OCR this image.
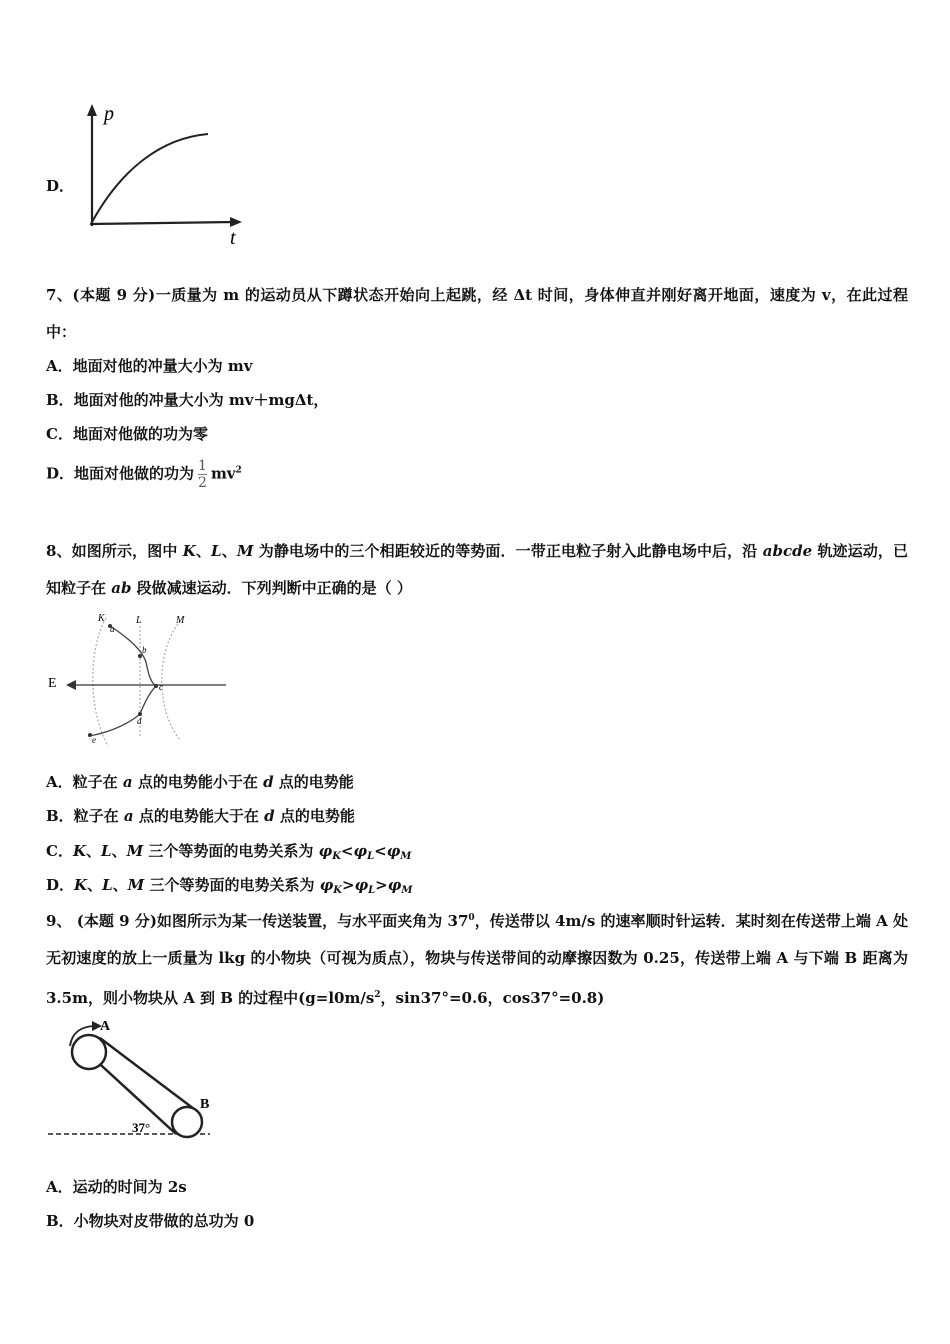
D．
p
t
7、(本题 9 分)一质量为 m 的运动员从下蹲状态开始向上起跳，经 Δt 时间，身体伸直并刚好离开地面，速度为 v，在此过程中：
A．地面对他的冲量大小为 mv
B．地面对他的冲量大小为 mv＋mgΔt，
C．地面对他做的功为零
D．地面对他做的功为 $\frac{1}{2} mv^2$
8、如图所示，图中 K、L、M 为静电场中的三个相距较近的等势面．一带正电粒子射入此静电场中后，沿 abcde 轨迹运动，已知粒子在 ab 段做减速运动．下列判断中正确的是（ ）
K	L	M
E
a
b
c
d
e
A．粒子在 a 点的电势能小于在 d 点的电势能
B．粒子在 a 点的电势能大于在 d 点的电势能
C．K、L、M 三个等势面的电势关系为 $\varphi_K<\varphi_L<\varphi_M$
D．K、L、M 三个等势面的电势关系为 $\varphi_K>\varphi_L>\varphi_M$
9、 (本题 9 分)如图所示为某一传送装置，与水平面夹角为 $37^0$，传送带以 4m/s 的速率顺时针运转．某时刻在传送带上端 A 处无初速度的放上一质量为 lkg 的小物块（可视为质点），物块与传送带间的动摩擦因数为 0.25，传送带上端 A 与下端 B 距离为 3.5m，则小物块从 A 到 B 的过程中($g=l0m/s^2$，sin37°=0.6，cos37°=0.8)
A
B
37°
A．运动的时间为 2s
B．小物块对皮带做的总功为 0
